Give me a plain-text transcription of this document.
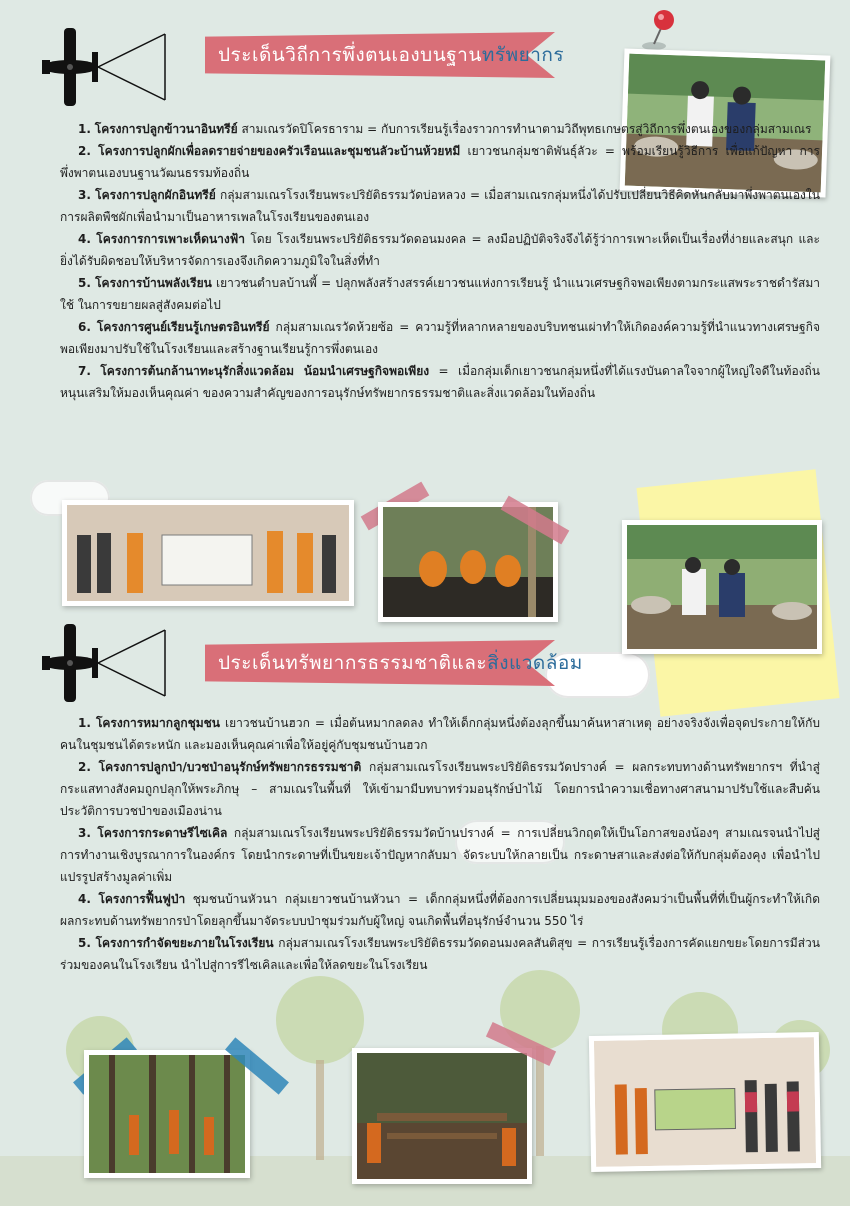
ประเด็นวิถีการพึ่งตนเองบนฐานทรัพยากร

1. โครงการปลูกข้าวนาอินทรีย์ สามเณรวัดปิโครธาราม = กับการเรียนรู้เรื่องราวการทำนาตามวิถีพุทธเกษตรสู่วิถีการพึ่งตนเองของกลุ่มสามเณร

2. โครงการปลูกผักเพื่อลดรายจ่ายของครัวเรือนและชุมชนลัวะบ้านห้วยหมี เยาวชนกลุ่มชาติพันธุ์ลัวะ = พร้อมเรียนรู้วิธีการ เพื่อแก้ปัญหา การพึ่งพาตนเองบนฐานวัฒนธรรมท้องถิ่น

3. โครงการปลูกผักอินทรีย์ กลุ่มสามเณรโรงเรียนพระปริยัติธรรมวัดบ่อหลวง = เมื่อสามเณรกลุ่มหนึ่งได้ปรับเปลี่ยนวิธีคิดหันกลับมาพึ่งพาตนเองในการผลิตพืชผักเพื่อนำมาเป็นอาหารเพลในโรงเรียนของตนเอง

4. โครงการการเพาะเห็ดนางฟ้า โดย โรงเรียนพระปริยัติธรรมวัดดอนมงคล = ลงมือปฏิบัติจริงจึงได้รู้ว่าการเพาะเห็ดเป็นเรื่องที่ง่ายและสนุก และยิ่งได้รับผิดชอบให้บริหารจัดการเองจึงเกิดความภูมิใจในสิ่งที่ทำ

5. โครงการบ้านพลังเรียน เยาวชนตำบลบ้านพี้ = ปลุกพลังสร้างสรรค์เยาวชนแห่งการเรียนรู้ นำแนวเศรษฐกิจพอเพียงตามกระแสพระราชดำรัสมาใช้ ในการขยายผลสู่สังคมต่อไป

6. โครงการศูนย์เรียนรู้เกษตรอินทรีย์ กลุ่มสามเณรวัดห้วยซ้อ = ความรู้ที่หลากหลายของบริบทชนเผ่าทำให้เกิดองค์ความรู้ที่นำแนวทางเศรษฐกิจพอเพียงมาปรับใช้ในโรงเรียนและสร้างฐานเรียนรู้การพึ่งตนเอง

7. โครงการต้นกล้านาทะนุรักสิ่งแวดล้อม น้อมนำเศรษฐกิจพอเพียง = เมื่อกลุ่มเด็กเยาวชนกลุ่มหนึ่งที่ได้แรงบันดาลใจจากผู้ใหญ่ใจดีในท้องถิ่นหนุนเสริมให้มองเห็นคุณค่า ของความสำคัญของการอนุรักษ์ทรัพยากรธรรมชาติและสิ่งแวดล้อมในท้องถิ่น

ประเด็นทรัพยากรธรรมชาติและสิ่งแวดล้อม

1. โครงการหมากลูกชุมชน เยาวชนบ้านฮวก = เมื่อต้นหมากลดลง ทำให้เด็กกลุ่มหนึ่งต้องลุกขึ้นมาค้นหาสาเหตุ อย่างจริงจังเพื่อจุดประกายให้กับคนในชุมชนได้ตระหนัก และมองเห็นคุณค่าเพื่อให้อยู่คู่กับชุมชนบ้านฮวก

2. โครงการปลูกป่า/บวชป่าอนุรักษ์ทรัพยากรธรรมชาติ กลุ่มสามเณรโรงเรียนพระปริยัติธรรมวัดปรางค์ = ผลกระทบทางด้านทรัพยากรฯ ที่นำสู่กระแสทางสังคมถูกปลุกให้พระภิกษุ – สามเณรในพื้นที่ ให้เข้ามามีบทบาทร่วมอนุรักษ์ป่าไม้ โดยการนำความเชื่อทางศาสนามาปรับใช้และสืบค้นประวัติการบวชป่าของเมืองน่าน

3. โครงการกระดาษรีไซเคิล กลุ่มสามเณรโรงเรียนพระปริยัติธรรมวัดบ้านปรางค์ = การเปลี่ยนวิกฤตให้เป็นโอกาสของน้องๆ สามเณรจนนำไปสู่การทำงานเชิงบูรณาการในองค์กร โดยนำกระดาษที่เป็นขยะเจ้าปัญหากลับมา จัดระบบให้กลายเป็น กระดาษสาและส่งต่อให้กับกลุ่มต้องคุง เพื่อนำไปแปรรูปสร้างมูลค่าเพิ่ม

4. โครงการฟื้นฟูป่า ชุมชนบ้านหัวนา กลุ่มเยาวชนบ้านหัวนา = เด็กกลุ่มหนึ่งที่ต้องการเปลี่ยนมุมมองของสังคมว่าเป็นพื้นที่ที่เป็นผู้กระทำให้เกิดผลกระทบด้านทรัพยากรป่าโดยลุกขึ้นมาจัดระบบป่าชุมร่วมกับผู้ใหญ่ จนเกิดพื้นที่อนุรักษ์จำนวน 550 ไร่

5. โครงการกำจัดขยะภายในโรงเรียน กลุ่มสามเณรโรงเรียนพระปริยัติธรรมวัดดอนมงคลสันติสุข = การเรียนรู้เรื่องการคัดแยกขยะโดยการมีส่วนร่วมของคนในโรงเรียน นำไปสู่การรีไซเคิลและเพื่อให้ลดขยะในโรงเรียน
